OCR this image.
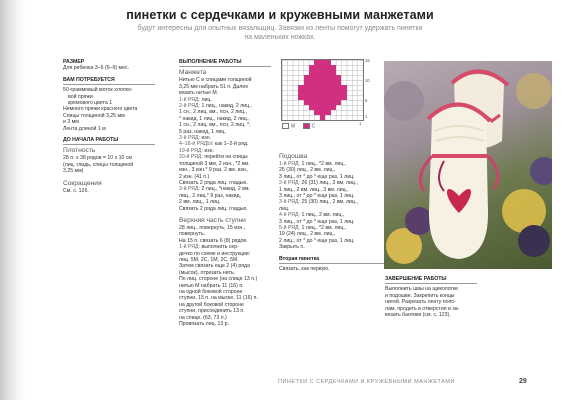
пинетки с сердечками и кружевными манжетами
будут интересны для опытных вязальщиц. Завязки из ленты помогут удержать пинетки
на маленьких ножках.

РАЗМЕР

Для ребенка 3–6 (6–9) мес.

ВАМ ПОТРЕБУЕТСЯ

50-граммовый моток хлопко-

вой пряжи

кремового цвета 1

Немного пряжи красного цвета

Спицы толщиной 3,25 мм

и 3 мм

Лента длиной 1 м

ДО НАЧАЛА РАБОТЫ

Плотность

28 п. х 38 рядов = 10 х 10 см

(лиц. гладь, спицы толщиной

3,25 мм)

Сокращения

См. с. 126.

ВЫПОЛНЕНИЕ РАБОТЫ

Манжета

Нитью С и спицами толщиной

3,25 мм набрать 51 п. Далее

вязать нитью М.

1-й РЯД: лиц.

2-й РЯД: 1 лиц., накид, 2 лиц.,

1 сн., 2 лиц. вм., псн, 2 лиц.,

* накид, 1 лиц., накид, 2 лиц.,

1 сн., 2 лиц. вм., псн, 2 лиц. *;

5 раз, накид, 1 лиц.

3-й РЯД: изн.

4–18-й РЯДЫ: как 1–2-й ряд.

19-й РЯД: изн.

20-й РЯД: перейти на спицы

толщиной 3 мм, 2 изн., *2 вм.

изн., 3 изн.* 9 раз, 2 вм. изн.,

2 изн. (41 п.)

Связать 2 ряда лиц. гладью.

3-й РЯД: 2 лиц., *накид, 2 вм.

лиц., 2 лиц.* 9 раз, накид,

2 вм. лиц., 1 лиц.

Связать 2 ряда лиц. гладью.

Верхняя часть ступни

28 лиц., повернуть, 15 изн.,

повернуть.

На 15 п. связать 6 (8) рядов.

1-й РЯД: выполнить сер-

дечко по схеме и инструкции:

лиц. 5М, 2С, 1М, 2С, 5М.

Затем связать еще 2 (4) ряда

(мысок), отрезать нить.

По лиц. стороне (на спице 13 п.)

нитью М набрать 11 (16) п.

на одной боковой стороне

ступни, 15 п. на мыске, 11 (16) п.

на другой боковой стороне

ступни, присоединить 13 п.

на спице. (63, 73 п.)

Провязать лиц. 13 р.

15
10
5
1
1
М	С

Подошва

1-й РЯД: 1 лиц., *2 вм. лиц.,

25 (30) лиц., 2 вм. лиц.,

3 лиц., от * до * еще раз, 1 лиц.

2-й РЯД: 26 (31) лиц., 2 вм. лиц.,

1 лиц., 2 вм. лиц., 3 вм. лиц.,

3 лиц., от * до * еще раз, 1 лиц.

3-й РЯД: 25 (30) лиц., 2 вм. лиц.,

лиц.

4-й РЯД: 1 лиц., 2 вм. лиц.,

3 лиц., от * до * еще раз, 1 лиц.

5-й РЯД: 1 лиц., *2 вм. лиц.,

19 (24) лиц., 2 вм. лиц.,

2 лиц., от * до * еще раз, 1 лиц.

Закрыть п.

Вторая пинетка

Связать, как первую.

ЗАВЕРШЕНИЕ РАБОТЫ

Выполнить швы на щиколотке

и подошве. Закрепить концы

нитей. Разрезать ленту попо-

лам, продеть в отверстия и за-

вязать бантики (см. с. 123).

ПИНЕТКИ С СЕРДЕЧКАМИ И КРУЖЕВНЫМИ МАНЖЕТАМИ	29
